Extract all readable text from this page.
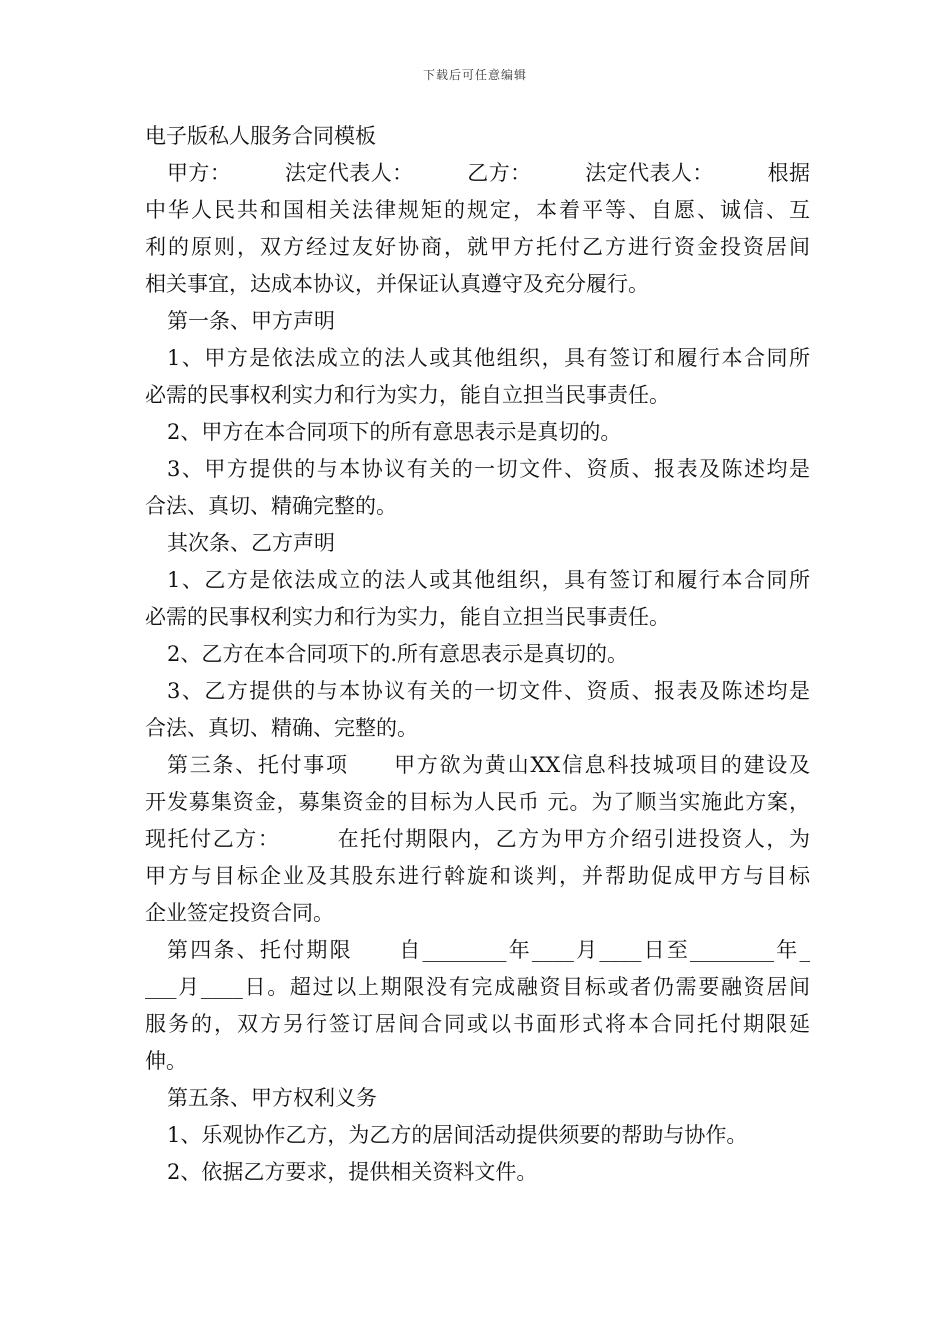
下载后可任意编辑
电子版私人服务合同模板
甲方：　　　法定代表人：　　　乙方：　　　法定代表人：　　　根据
中华人民共和国相关法律规矩的规定，本着平等、自愿、诚信、互
利的原则，双方经过友好协商，就甲方托付乙方进行资金投资居间
相关事宜，达成本协议，并保证认真遵守及充分履行。
第一条、甲方声明
1、甲方是依法成立的法人或其他组织，具有签订和履行本合同所
必需的民事权利实力和行为实力，能自立担当民事责任。
2、甲方在本合同项下的所有意思表示是真切的。
3、甲方提供的与本协议有关的一切文件、资质、报表及陈述均是
合法、真切、精确完整的。
其次条、乙方声明
1、乙方是依法成立的法人或其他组织，具有签订和履行本合同所
必需的民事权利实力和行为实力，能自立担当民事责任。
2、乙方在本合同项下的.所有意思表示是真切的。
3、乙方提供的与本协议有关的一切文件、资质、报表及陈述均是
合法、真切、精确、完整的。
第三条、托付事项　　甲方欲为黄山XX信息科技城项目的建设及
开发募集资金，募集资金的目标为人民币 元。为了顺当实施此方案，
现托付乙方：　　　在托付期限内，乙方为甲方介绍引进投资人，为
甲方与目标企业及其股东进行斡旋和谈判，并帮助促成甲方与目标
企业签定投资合同。
第四条、托付期限　　自________年____月____日至________年_
___月____日。超过以上期限没有完成融资目标或者仍需要融资居间
服务的，双方另行签订居间合同或以书面形式将本合同托付期限延
伸。
第五条、甲方权利义务
1、乐观协作乙方，为乙方的居间活动提供须要的帮助与协作。
2、依据乙方要求，提供相关资料文件。
